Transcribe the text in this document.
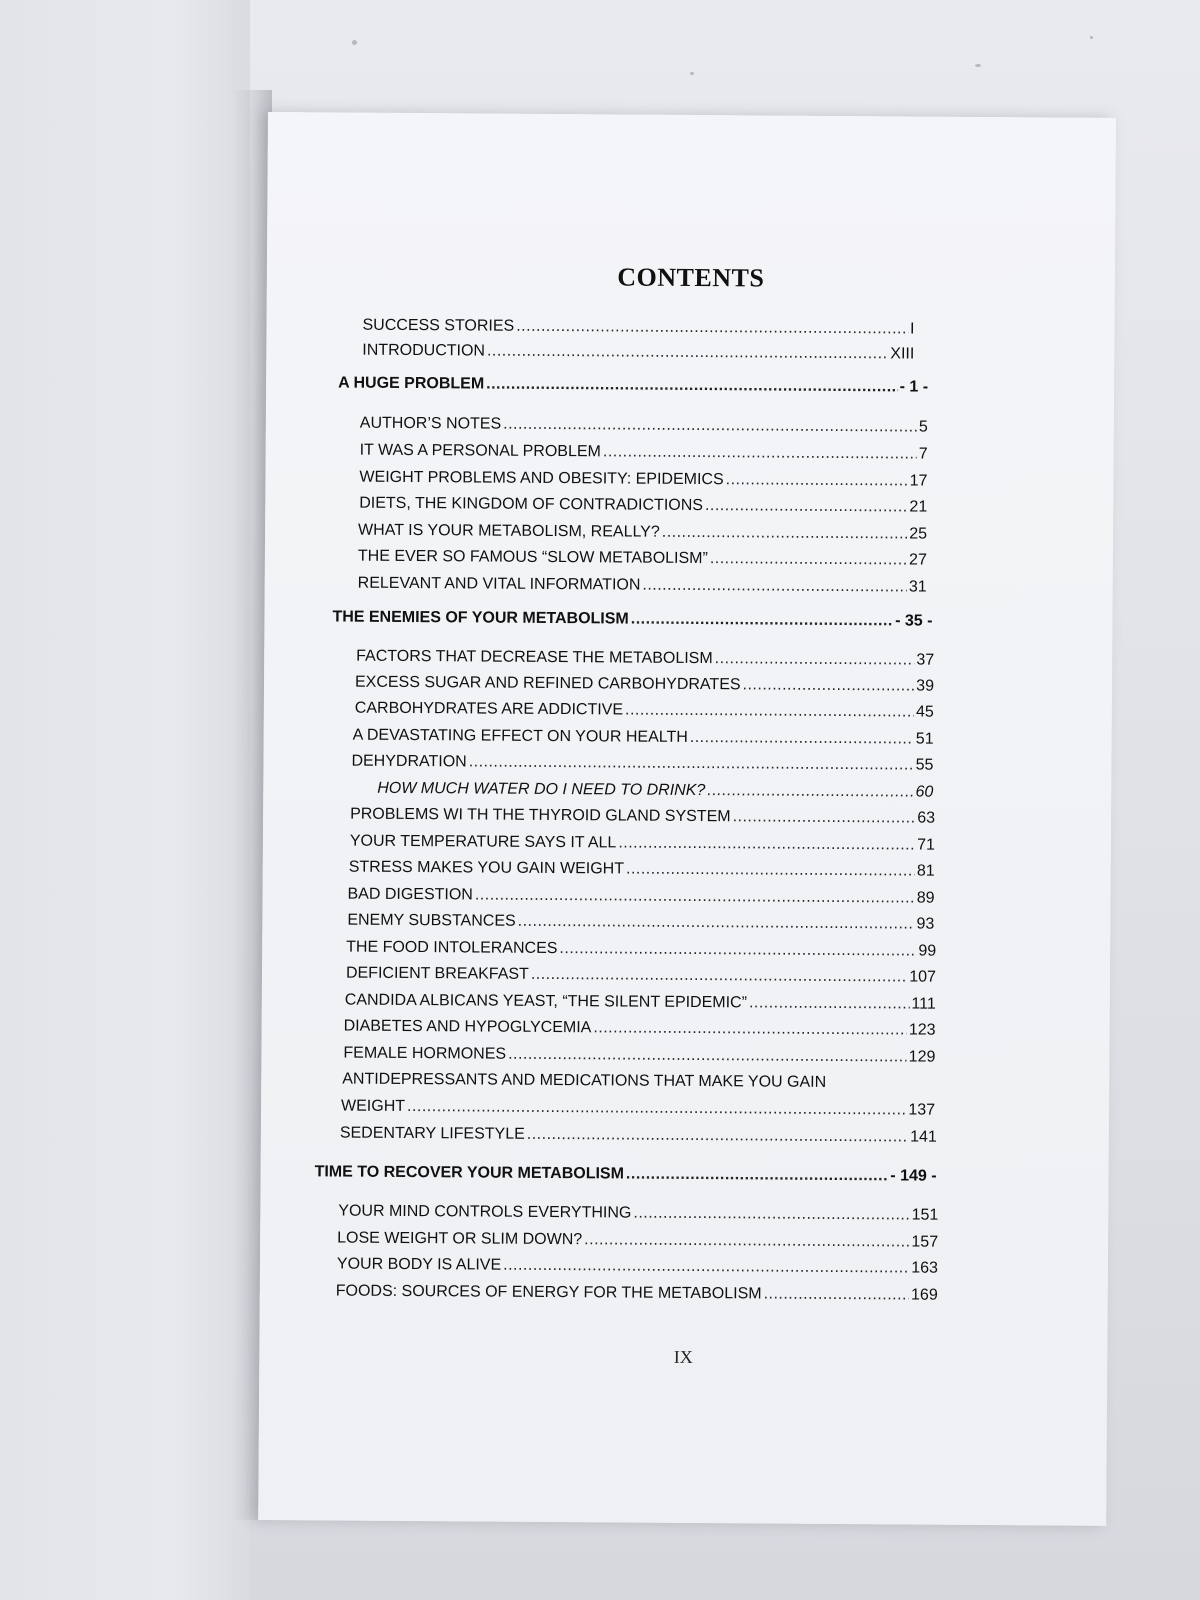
CONTENTS
SUCCESS STORIES .....	I
INTRODUCTION .....	XIII
A HUGE PROBLEM .....	- 1 -
AUTHOR’S NOTES .....	5
IT WAS A PERSONAL PROBLEM .....	7
WEIGHT PROBLEMS AND OBESITY: EPIDEMICS .....	17
DIETS, THE KINGDOM OF CONTRADICTIONS .....	21
WHAT IS YOUR METABOLISM, REALLY? .....	25
THE EVER SO FAMOUS “SLOW METABOLISM” .....	27
RELEVANT AND VITAL INFORMATION .....	31
THE ENEMIES OF YOUR METABOLISM .....	- 35 -
FACTORS THAT DECREASE THE METABOLISM .....	37
EXCESS SUGAR AND REFINED CARBOHYDRATES .....	39
CARBOHYDRATES ARE ADDICTIVE .....	45
A DEVASTATING EFFECT ON YOUR HEALTH .....	51
DEHYDRATION .....	55
HOW MUCH WATER DO I NEED TO DRINK? .....	60
PROBLEMS WI TH THE THYROID GLAND SYSTEM .....	63
YOUR TEMPERATURE SAYS IT ALL .....	71
STRESS MAKES YOU GAIN WEIGHT .....	81
BAD DIGESTION .....	89
ENEMY SUBSTANCES .....	93
THE FOOD INTOLERANCES .....	99
DEFICIENT BREAKFAST .....	107
CANDIDA ALBICANS YEAST, “THE SILENT EPIDEMIC” .....	111
DIABETES AND HYPOGLYCEMIA .....	123
FEMALE HORMONES .....	129
ANTIDEPRESSANTS AND MEDICATIONS THAT MAKE YOU GAIN
WEIGHT .....	137
SEDENTARY LIFESTYLE .....	141
TIME TO RECOVER YOUR METABOLISM .....	- 149 -
YOUR MIND CONTROLS EVERYTHING .....	151
LOSE WEIGHT OR SLIM DOWN? .....	157
YOUR BODY IS ALIVE .....	163
FOODS: SOURCES OF ENERGY FOR THE METABOLISM .....	169
IX
